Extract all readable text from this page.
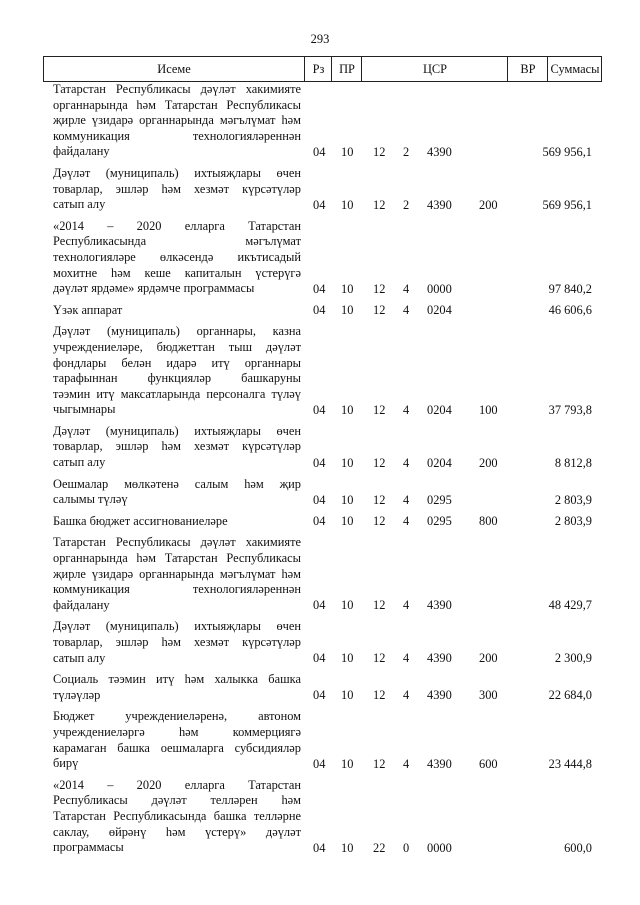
293
Исеме	Рз	ПР	ЦСР	ВР	Суммасы
Татарстан Республикасы дәүләт хакимияте
органнарында һәм Татарстан Республикасы
җирле үзидарә органнарында мәгълүмат һәм
коммуникация технологияләреннән
файдалану	04 10 12 2 4390	569 956,1
Дәүләт (муниципаль) ихтыяҗлары өчен
товарлар, эшләр һәм хезмәт күрсәтүләр
сатып алу	04 10 12 2 4390 200	569 956,1
«2014 – 2020 елларга Татарстан
Республикасында мәгълүмат
технологияләре өлкәсендә икътисадый
мохитне һәм кеше капиталын үстерүгә
дәүләт ярдәме» ярдәмче программасы	04 10 12 4 0000	97 840,2
Үзәк аппарат	04 10 12 4 0204	46 606,6
Дәүләт (муниципаль) органнары, казна
учреждениеләре, бюджеттан тыш дәүләт
фондлары белән идарә итү органнары
тарафыннан функцияләр башкаруны
тәэмин итү максатларында персоналга түләү
чыгымнары	04 10 12 4 0204 100	37 793,8
Дәүләт (муниципаль) ихтыяҗлары өчен
товарлар, эшләр һәм хезмәт күрсәтүләр
сатып алу	04 10 12 4 0204 200	8 812,8
Оешмалар мөлкәтенә салым һәм җир
салымы түләү	04 10 12 4 0295	2 803,9
Башка бюджет ассигнованиеләре	04 10 12 4 0295 800	2 803,9
Татарстан Республикасы дәүләт хакимияте
органнарында һәм Татарстан Республикасы
җирле үзидарә органнарында мәгълүмат һәм
коммуникация технологияләреннән
файдалану	04 10 12 4 4390	48 429,7
Дәүләт (муниципаль) ихтыяҗлары өчен
товарлар, эшләр һәм хезмәт күрсәтүләр
сатып алу	04 10 12 4 4390 200	2 300,9
Социаль тәэмин итү һәм халыкка башка
түләүләр	04 10 12 4 4390 300	22 684,0
Бюджет учреждениеләренә, автоном
учреждениеләргә һәм коммерциягә
карамаган башка оешмаларга субсидияләр
бирү	04 10 12 4 4390 600	23 444,8
«2014 – 2020 елларга Татарстан
Республикасы дәүләт телләрен һәм
Татарстан Республикасында башка телләрне
саклау, өйрәнү һәм үстерү» дәүләт
программасы	04 10 22 0 0000	600,0
